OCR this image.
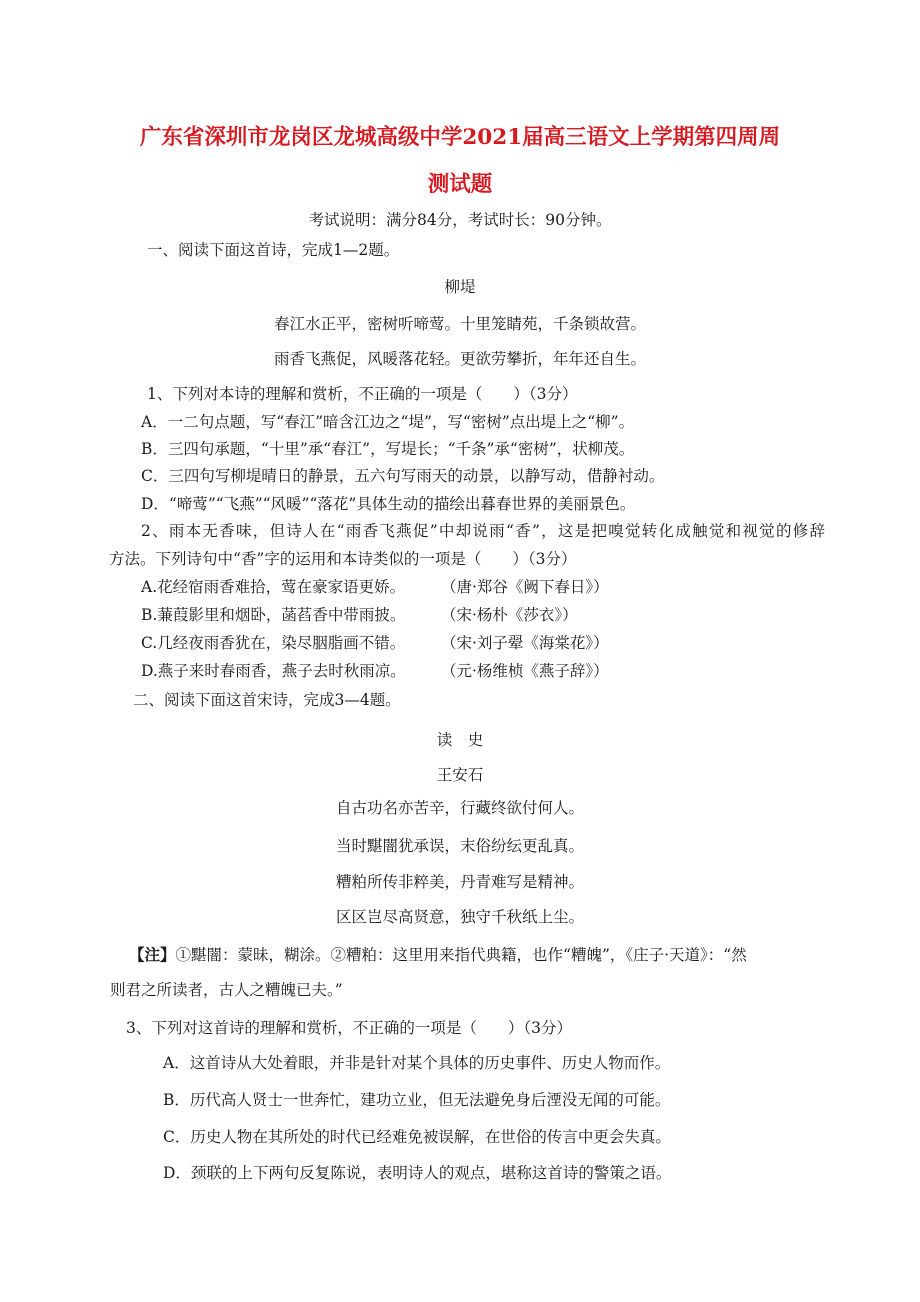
广东省深圳市龙岗区龙城高级中学2021届高三语文上学期第四周周
测试题
考试说明：满分84分，考试时长：90分钟。
一、阅读下面这首诗，完成1—2题。
柳堤
春江水正平，密树听啼莺。十里笼睛苑，千条锁故营。
雨香飞燕促，风暖落花轻。更欲劳攀折，年年还自生。
1、下列对本诗的理解和赏析，不正确的一项是（　　）（3分）
A．一二句点题，写“春江”暗含江边之“堤”，写“密树”点出堤上之“柳”。
B．三四句承题，“十里”承“春江”，写堤长；“千条”承“密树”，状柳茂。
C．三四句写柳堤晴日的静景，五六句写雨天的动景，以静写动，借静衬动。
D．“啼莺”“飞燕”“风暖”“落花”具体生动的描绘出暮春世界的美丽景色。
2、雨本无香味，但诗人在“雨香飞燕促”中却说雨“香”，这是把嗅觉转化成触觉和视觉的修辞
方法。下列诗句中“香”字的运用和本诗类似的一项是（　　）（3分）
A.花经宿雨香难拾，莺在豪家语更娇。 （唐·郑谷《阙下春日》）
B.蒹葭影里和烟卧，菡萏香中带雨披。 （宋·杨朴《莎衣》）
C.几经夜雨香犹在，染尽胭脂画不错。 （宋·刘子翚《海棠花》）
D.燕子来时春雨香，燕子去时秋雨凉。 （元·杨维桢《燕子辞》）
二、阅读下面这首宋诗，完成3—4题。
读　史
王安石
自古功名亦苦辛，行藏终欲付何人。
当时黮闇犹承误，末俗纷纭更乱真。
糟粕所传非粹美，丹青难写是精神。
区区岂尽高贤意，独守千秋纸上尘。
【注】①黮闇：蒙昧，糊涂。②糟粕：这里用来指代典籍，也作“糟魄”，《庄子·天道》：“然
则君之所读者，古人之糟魄已夫。”
3、下列对这首诗的理解和赏析，不正确的一项是（　　）（3分）
A．这首诗从大处着眼，并非是针对某个具体的历史事件、历史人物而作。
B．历代高人贤士一世奔忙，建功立业，但无法避免身后湮没无闻的可能。
C．历史人物在其所处的时代已经难免被误解，在世俗的传言中更会失真。
D．颈联的上下两句反复陈说，表明诗人的观点，堪称这首诗的警策之语。
